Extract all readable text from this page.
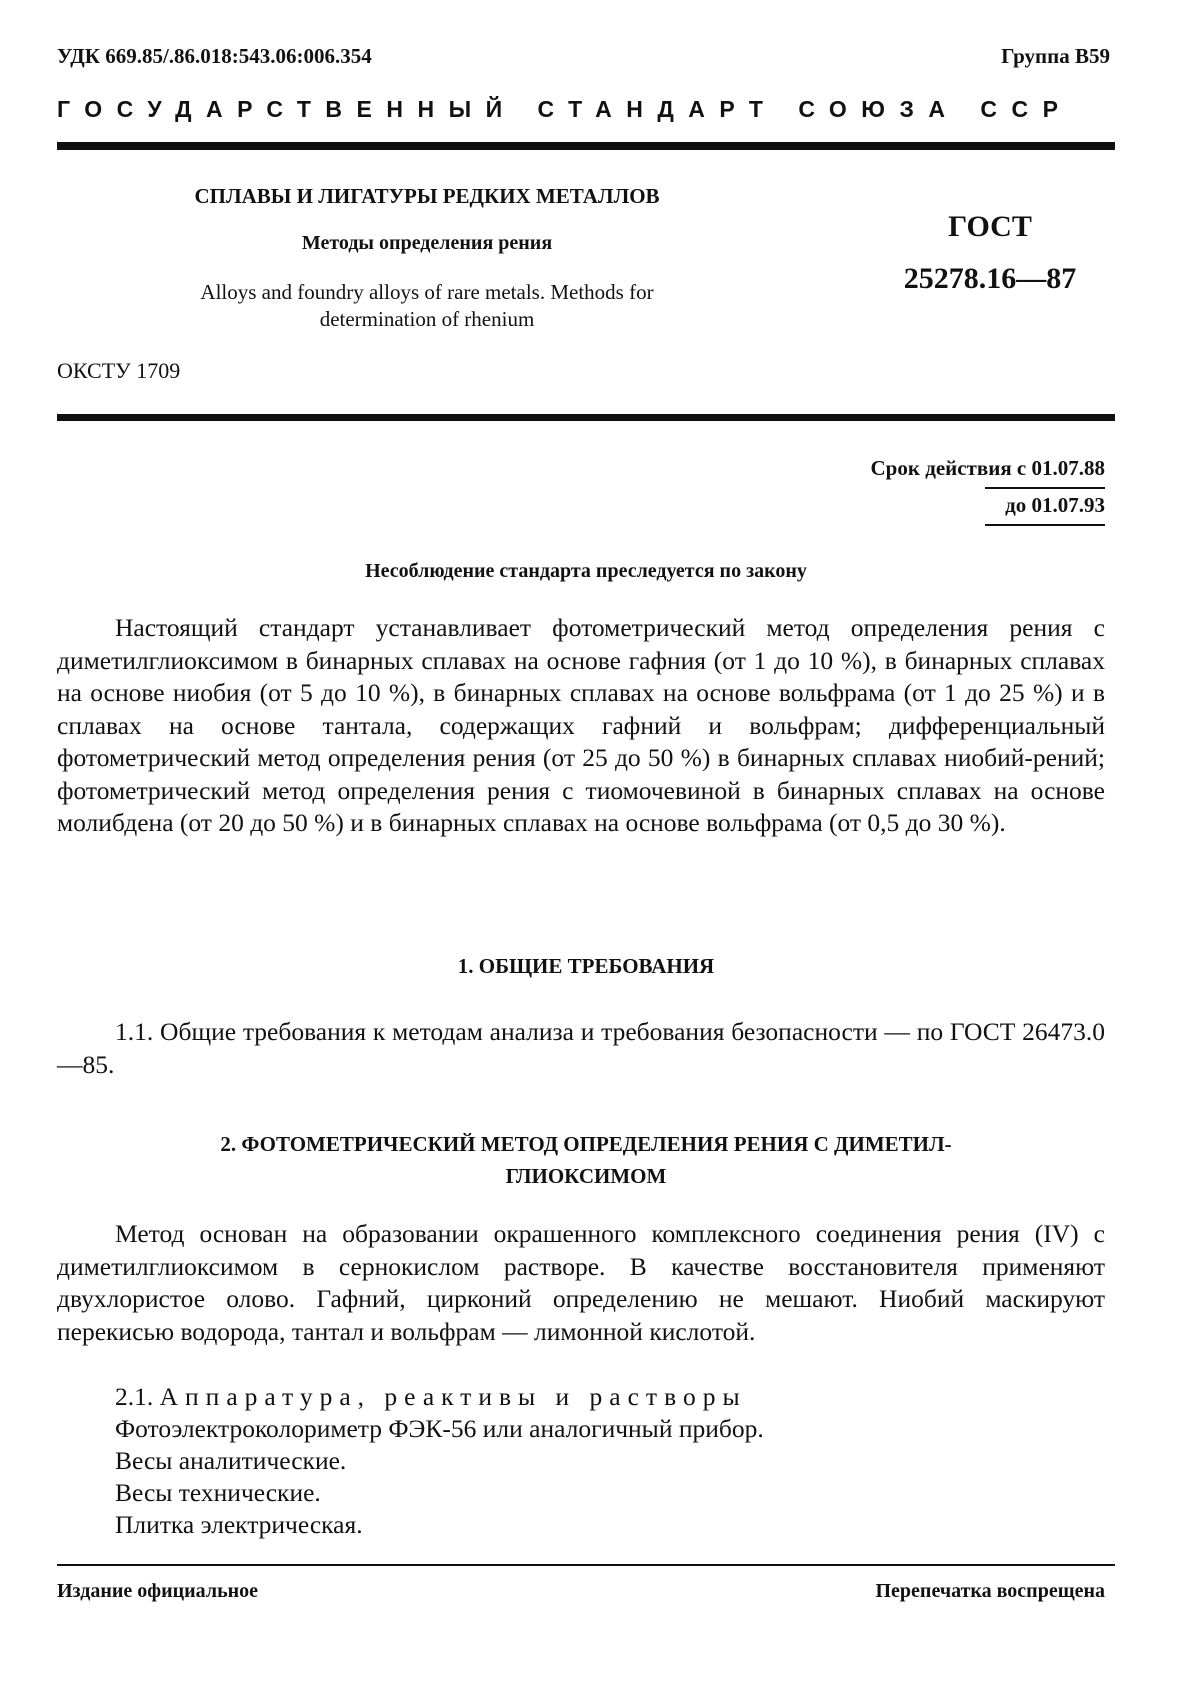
УДК 669.85/.86.018:543.06:006.354	Группа В59
ГОСУДАРСТВЕННЫЙ СТАНДАРТ СОЮЗА ССР
СПЛАВЫ И ЛИГАТУРЫ РЕДКИХ МЕТАЛЛОВ
Методы определения рения
Alloys and foundry alloys of rare metals. Methods for
determination of rhenium
ГОСТ
25278.16—87
ОКСТУ 1709
Срок действия с 01.07.88
до 01.07.93
Несоблюдение стандарта преследуется по закону

Настоящий стандарт устанавливает фотометрический метод определения рения с диметилглиоксимом в бинарных сплавах на основе гафния (от 1 до 10 %), в бинарных сплавах на основе ниобия (от 5 до 10 %), в бинарных сплавах на основе вольфрама (от 1 до 25 %) и в сплавах на основе тантала, содержащих гафний и вольфрам; дифференциальный фотометрический метод определения рения (от 25 до 50 %) в бинарных сплавах ниобий-рений; фотометрический метод определения рения с тиомочевиной в бинарных сплавах на основе молибдена (от 20 до 50 %) и в бинарных сплавах на основе вольфрама (от 0,5 до 30 %).

1. ОБЩИЕ ТРЕБОВАНИЯ

1.1. Общие требования к методам анализа и требования безопасности — по ГОСТ 26473.0—85.

2. ФОТОМЕТРИЧЕСКИЙ МЕТОД ОПРЕДЕЛЕНИЯ РЕНИЯ С ДИМЕТИЛ-
ГЛИОКСИМОМ

Метод основан на образовании окрашенного комплексного соединения рения (IV) с диметилглиоксимом в сернокислом растворе. В качестве восстановителя применяют двухлористое олово. Гафний, цирконий определению не мешают. Ниобий маскируют перекисью водорода, тантал и вольфрам — лимонной кислотой.

2.1. Аппаратура, реактивы и растворы
Фотоэлектроколориметр ФЭК-56 или аналогичный прибор.
Весы аналитические.
Весы технические.
Плитка электрическая.
Издание официальное	Перепечатка воспрещена
